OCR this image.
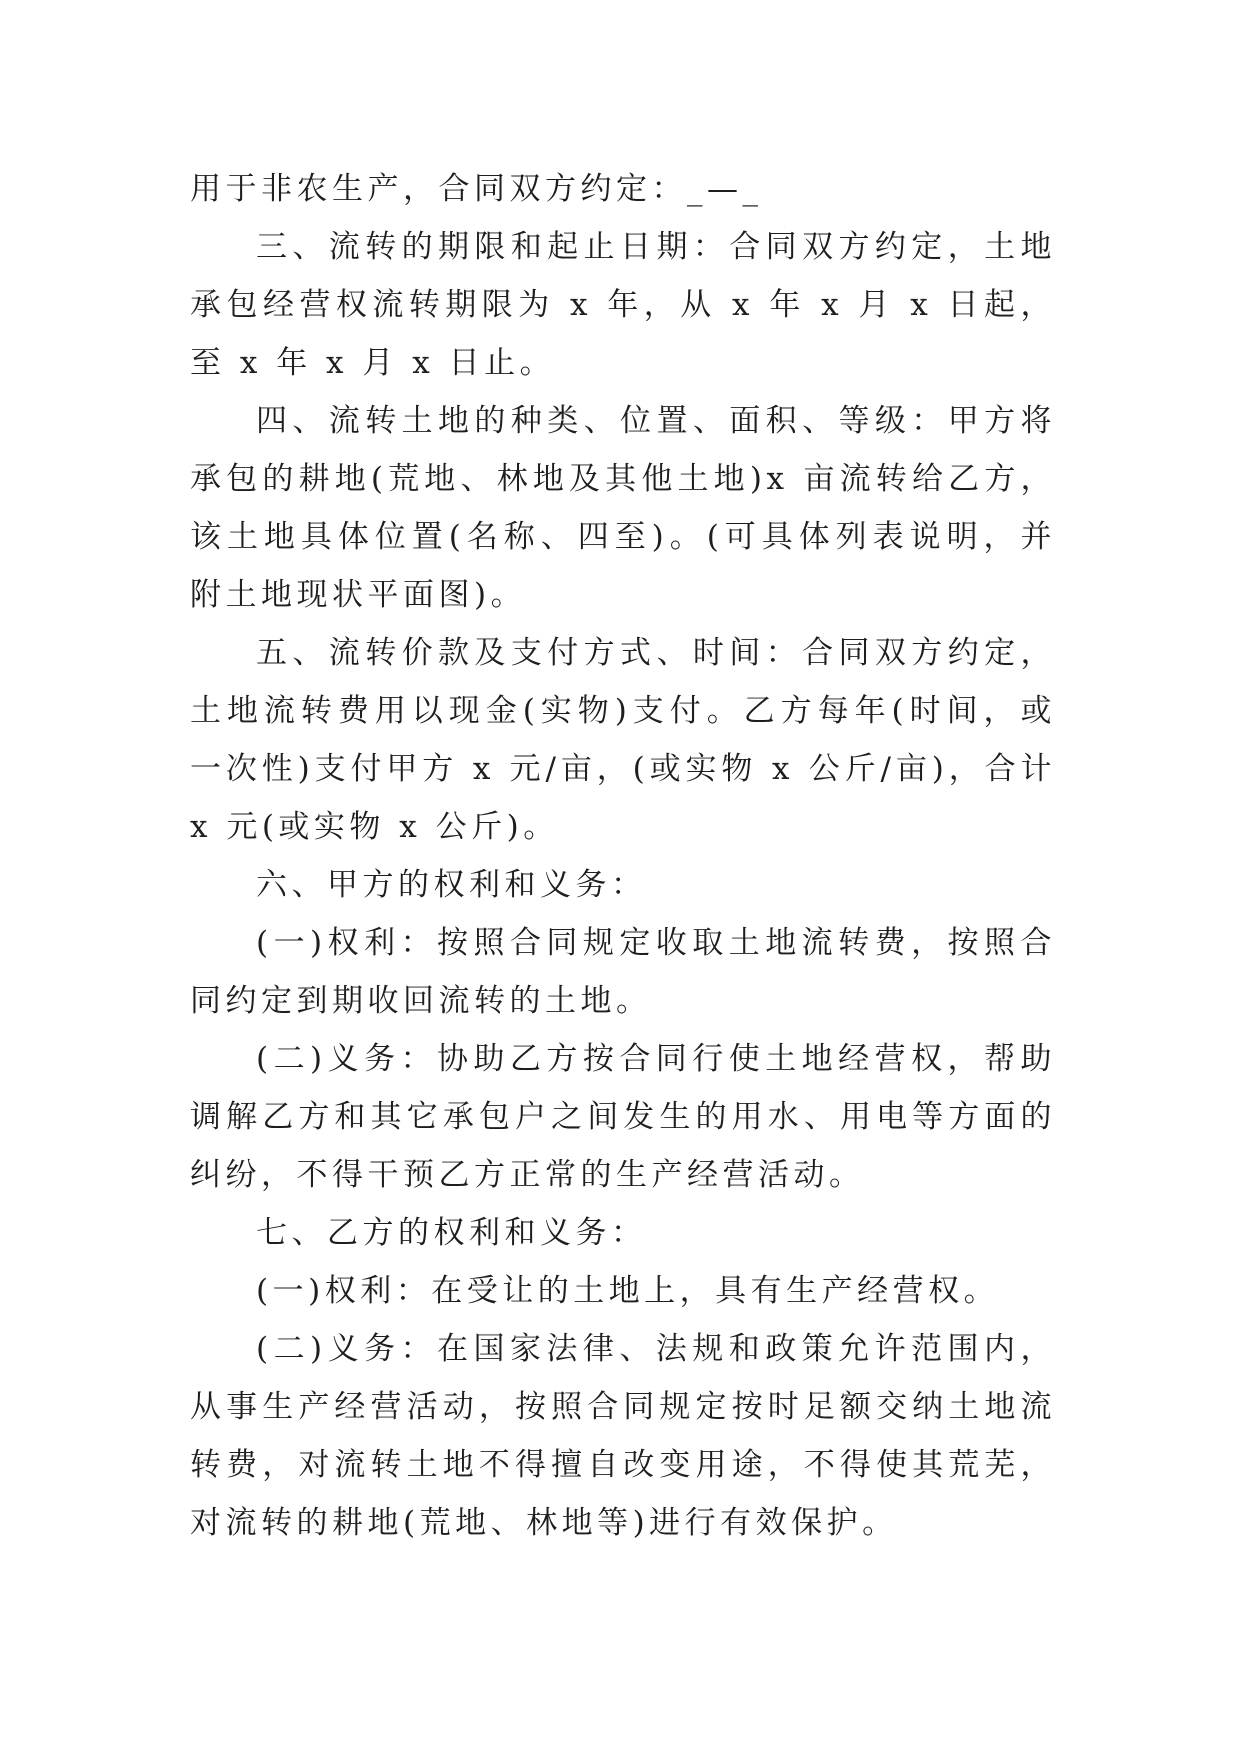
用于非农生产，合同双方约定：_—_

三、流转的期限和起止日期：合同双方约定，土地承包经营权流转期限为 x 年，从 x 年 x 月 x 日起，至 x 年 x 月 x 日止。

四、流转土地的种类、位置、面积、等级：甲方将承包的耕地(荒地、林地及其他土地)x 亩流转给乙方，该土地具体位置(名称、四至)。(可具体列表说明，并附土地现状平面图)。

五、流转价款及支付方式、时间：合同双方约定，土地流转费用以现金(实物)支付。乙方每年(时间，或一次性)支付甲方 x 元/亩，(或实物 x 公斤/亩)，合计 x 元(或实物 x 公斤)。

六、甲方的权利和义务：

(一)权利：按照合同规定收取土地流转费，按照合同约定到期收回流转的土地。

(二)义务：协助乙方按合同行使土地经营权，帮助调解乙方和其它承包户之间发生的用水、用电等方面的纠纷，不得干预乙方正常的生产经营活动。

七、乙方的权利和义务：

(一)权利：在受让的土地上，具有生产经营权。

(二)义务：在国家法律、法规和政策允许范围内，从事生产经营活动，按照合同规定按时足额交纳土地流转费，对流转土地不得擅自改变用途，不得使其荒芜，对流转的耕地(荒地、林地等)进行有效保护。
